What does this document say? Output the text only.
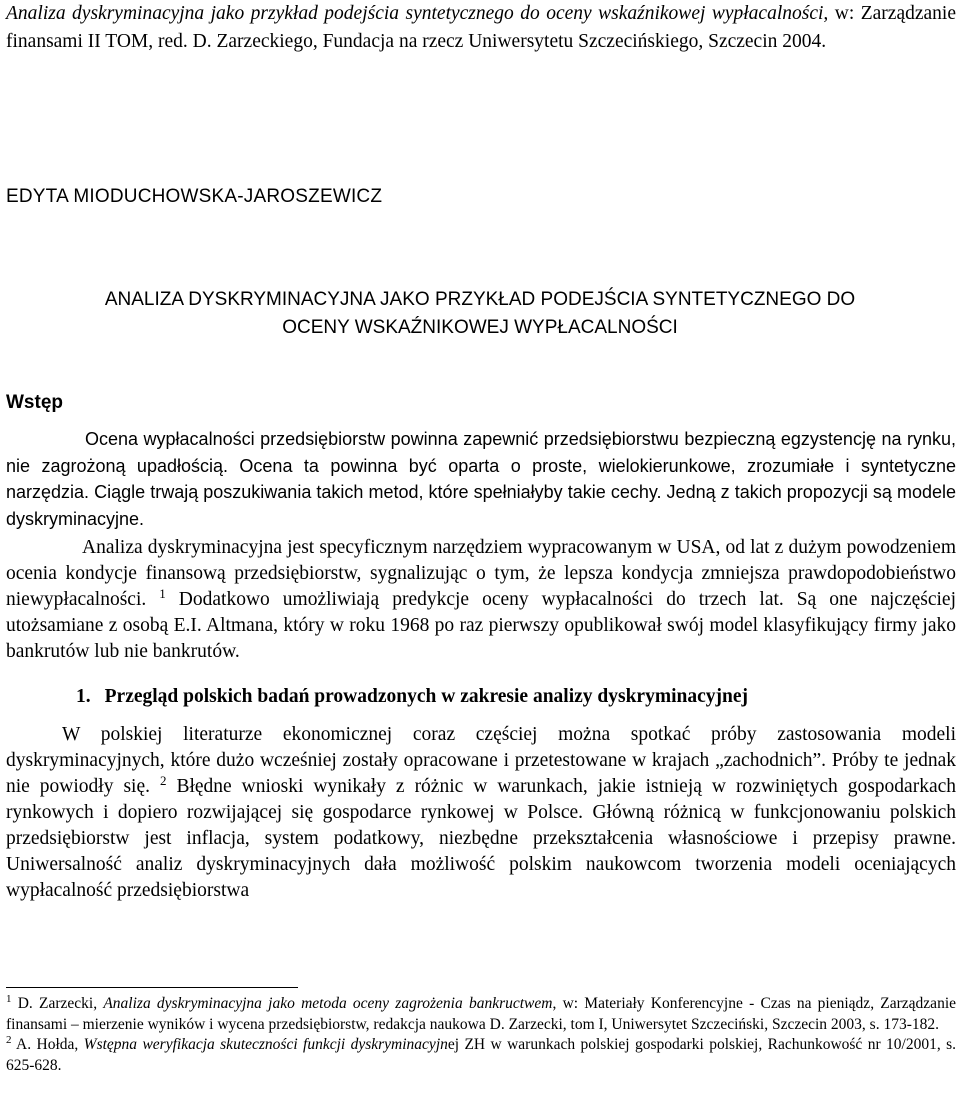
Analiza dyskryminacyjna jako przykład podejścia syntetycznego do oceny wskaźnikowej wypłacalności, w: Zarządzanie finansami II TOM, red. D. Zarzeckiego, Fundacja na rzecz Uniwersytetu Szczecińskiego, Szczecin 2004.

EDYTA MIODUCHOWSKA-JAROSZEWICZ

ANALIZA DYSKRYMINACYJNA JAKO PRZYKŁAD PODEJŚCIA SYNTETYCZNEGO DO
OCENY WSKAŹNIKOWEJ WYPŁACALNOŚCI
Wstęp

Ocena wypłacalności przedsiębiorstw powinna zapewnić przedsiębiorstwu bezpieczną egzystencję na rynku, nie zagrożoną upadłością. Ocena ta powinna być oparta o proste, wielokierunkowe, zrozumiałe i syntetyczne narzędzia. Ciągle trwają poszukiwania takich metod, które spełniałyby takie cechy. Jedną z takich propozycji są modele dyskryminacyjne.

Analiza dyskryminacyjna jest specyficznym narzędziem wypracowanym w USA, od lat z dużym powodzeniem ocenia kondycje finansową przedsiębiorstw, sygnalizując o tym, że lepsza kondycja zmniejsza prawdopodobieństwo niewypłacalności. $^1$ Dodatkowo umożliwiają predykcje oceny wypłacalności do trzech lat. Są one najczęściej utożsamiane z osobą E.I. Altmana, który w roku 1968 po raz pierwszy opublikował swój model klasyfikujący firmy jako bankrutów lub nie bankrutów.

1. Przegląd polskich badań prowadzonych w zakresie analizy dyskryminacyjnej

W polskiej literaturze ekonomicznej coraz częściej można spotkać próby zastosowania modeli dyskryminacyjnych, które dużo wcześniej zostały opracowane i przetestowane w krajach „zachodnich”. Próby te jednak nie powiodły się. $^2$ Błędne wnioski wynikały z różnic w warunkach, jakie istnieją w rozwiniętych gospodarkach rynkowych i dopiero rozwijającej się gospodarce rynkowej w Polsce. Główną różnicą w funkcjonowaniu polskich przedsiębiorstw jest inflacja, system podatkowy, niezbędne przekształcenia własnościowe i przepisy prawne. Uniwersalność analiz dyskryminacyjnych dała możliwość polskim naukowcom tworzenia modeli oceniających wypłacalność przedsiębiorstwa

$^1$ D. Zarzecki, Analiza dyskryminacyjna jako metoda oceny zagrożenia bankructwem, w: Materiały Konferencyjne - Czas na pieniądz, Zarządzanie finansami – mierzenie wyników i wycena przedsiębiorstw, redakcja naukowa D. Zarzecki, tom I, Uniwersytet Szczeciński, Szczecin 2003, s. 173-182.

$^2$ A. Hołda, Wstępna weryfikacja skuteczności funkcji dyskryminacyjnej ZH w warunkach polskiej gospodarki polskiej, Rachunkowość nr 10/2001, s. 625-628.
